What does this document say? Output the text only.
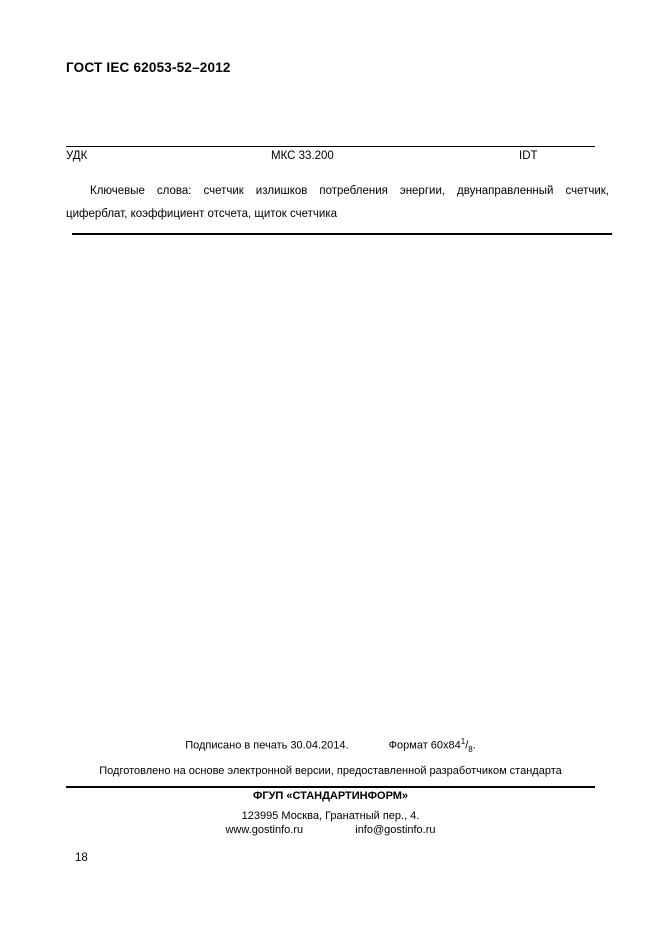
ГОСТ IEC 62053-52–2012
УДК	МКС 33.200	IDT
Ключевые слова: счетчик излишков потребления энергии, двунаправленный счетчик, циферблат, коэффициент отсчета, щиток счетчика
Подписано в печать 30.04.2014.	Формат $60x84^1/_8$.
Подготовлено на основе электронной версии, предоставленной разработчиком стандарта
ФГУП «СТАНДАРТИНФОРМ»
123995 Москва, Гранатный пер., 4.
www.gostinfo.ru	info@gostinfo.ru
18
